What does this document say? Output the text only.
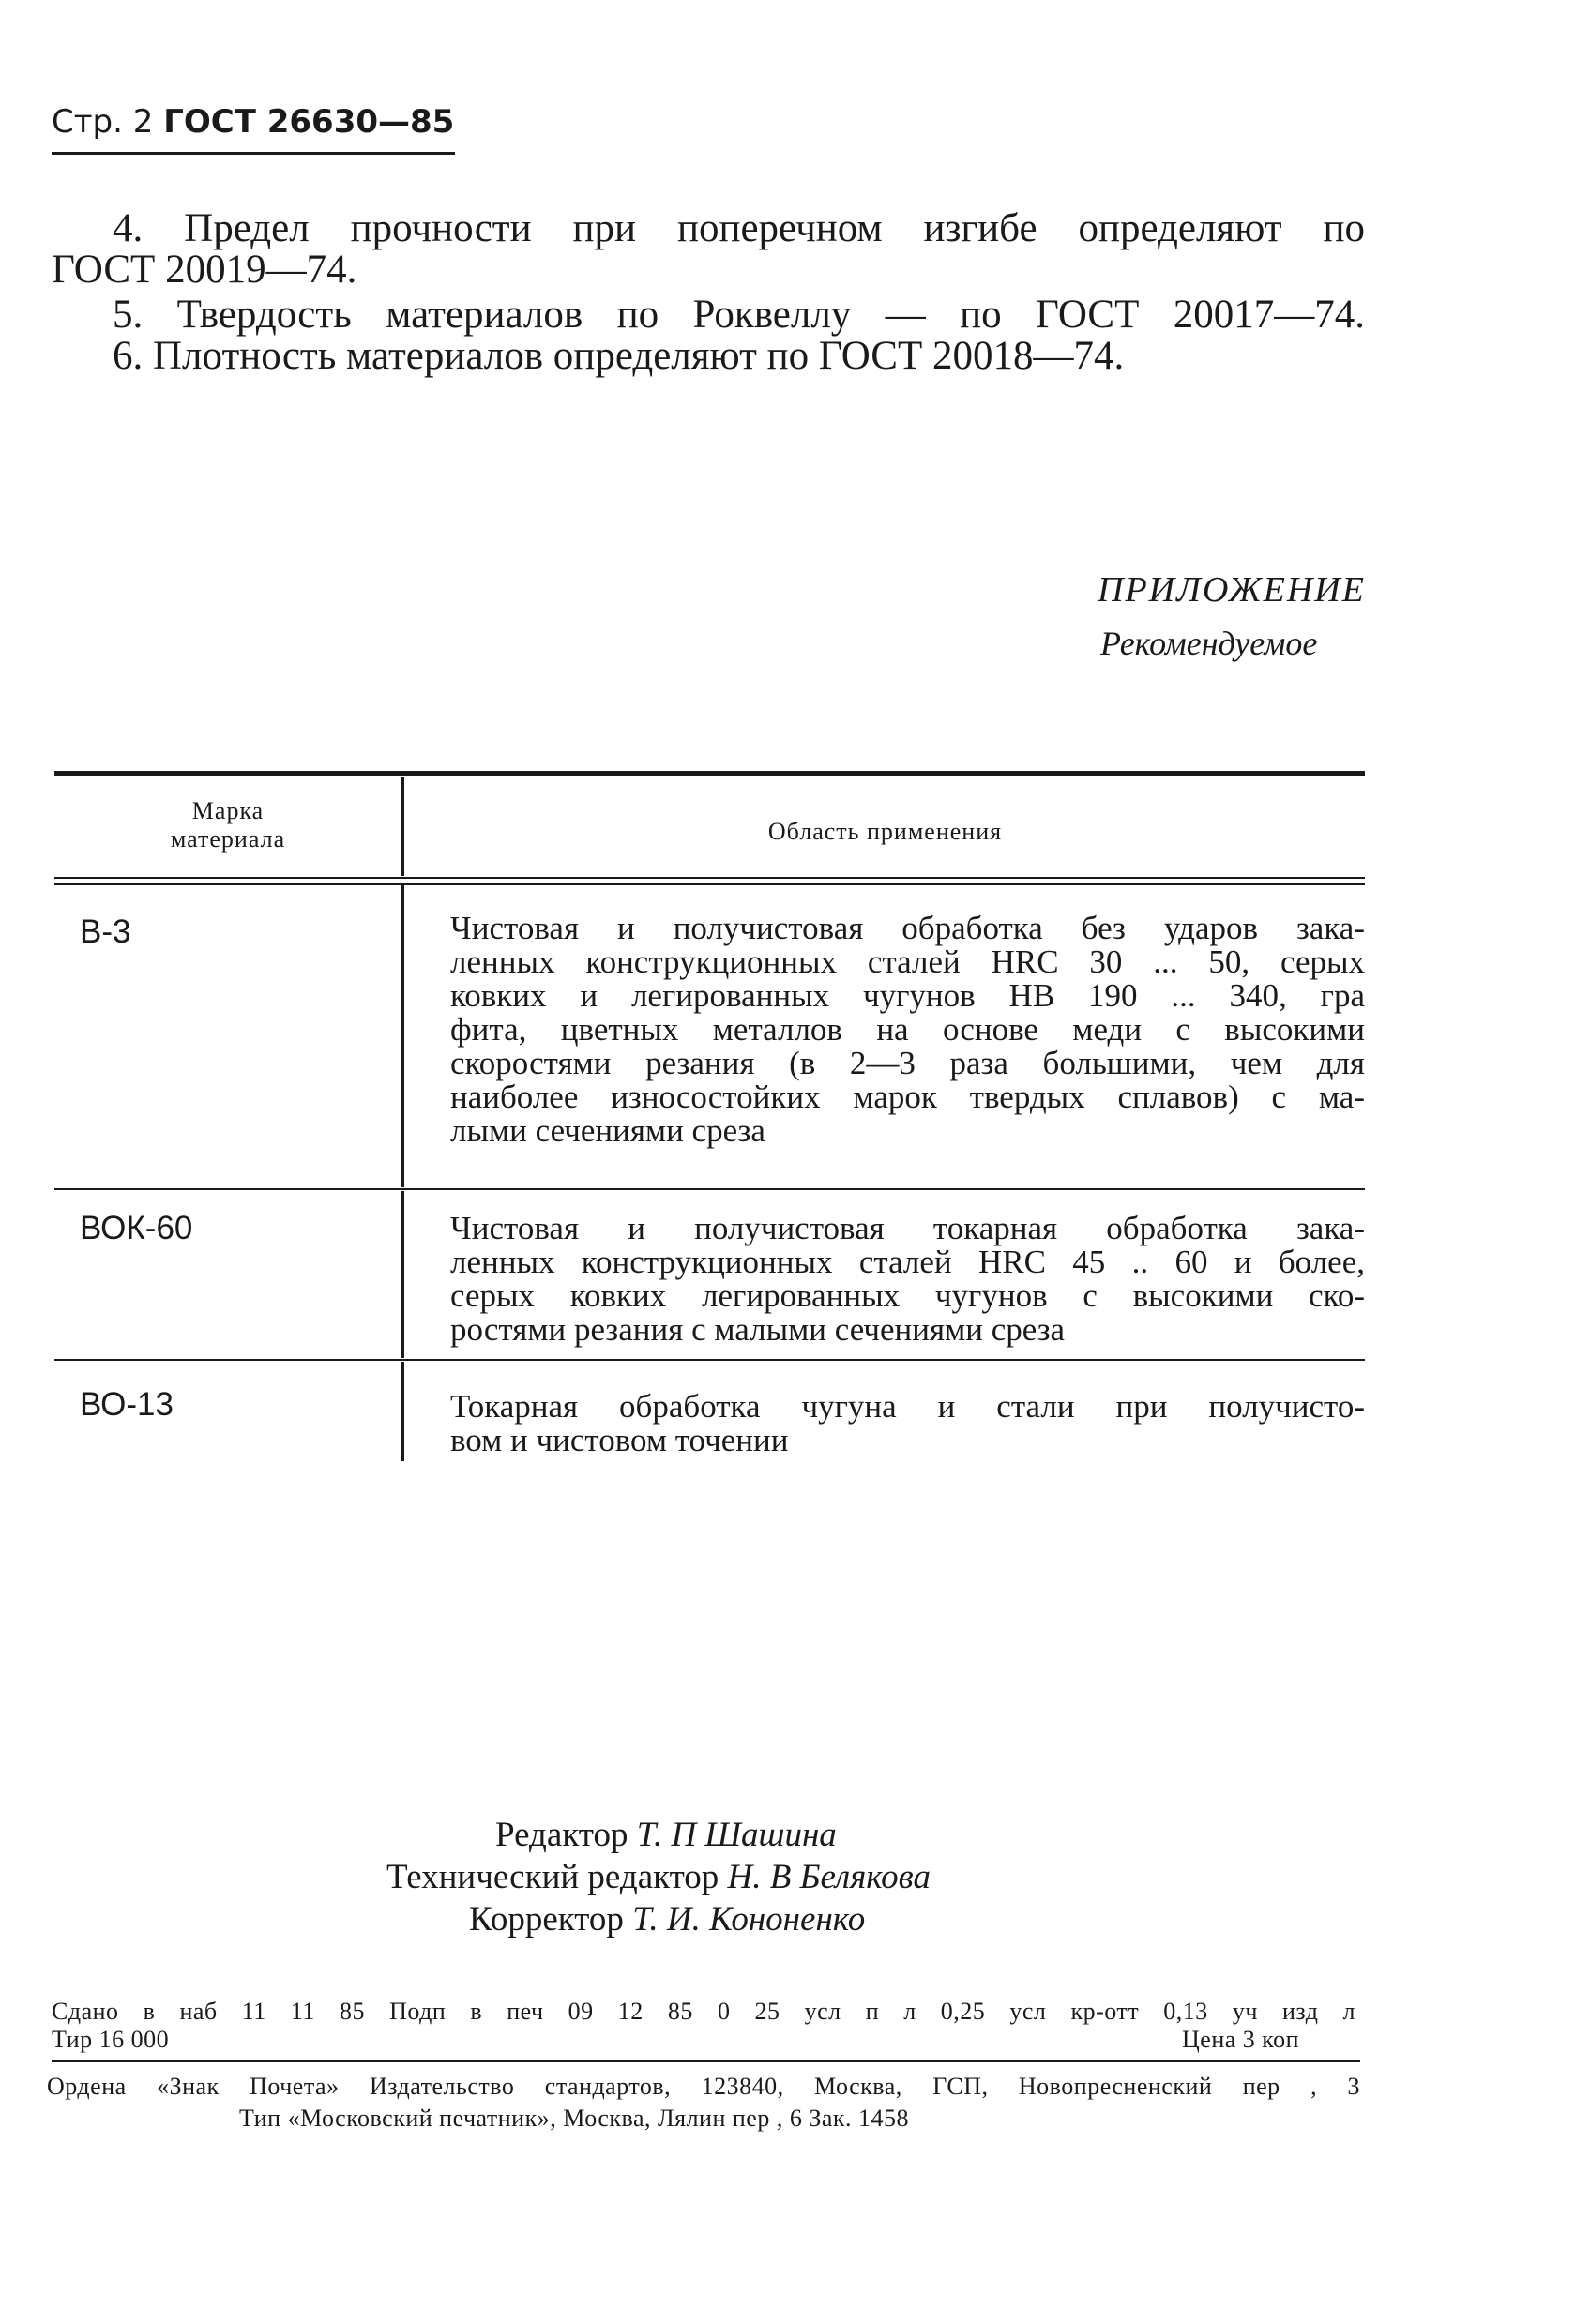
Стр. 2 ГОСТ 26630—85
4. Предел прочности при поперечном изгибе определяют по
ГОСТ 20019—74.
5. Твердость материалов по Роквеллу — по ГОСТ 20017—74.
6. Плотность материалов определяют по ГОСТ 20018—74.
ПРИЛОЖЕНИЕ
Рекомендуемое
Марка
материала	Область применения
В-3	Чистовая и получистовая обработка без ударов зака-
ленных конструкционных сталей HRC 30 ... 50, серых
ковких и легированных чугунов НВ 190 ... 340, гра
фита, цветных металлов на основе меди с высокими
скоростями резания (в 2—3 раза большими, чем для
наиболее износостойких марок твердых сплавов) с ма-
лыми сечениями среза
ВОК-60	Чистовая и получистовая токарная обработка зака-
ленных конструкционных сталей HRC 45 .. 60 и более,
серых ковких легированных чугунов с высокими ско-
ростями резания с малыми сечениями среза
ВО-13	Токарная обработка чугуна и стали при получисто-
вом и чистовом точении
Редактор Т. П Шашина
Технический редактор Н. В Белякова
Корректор Т. И. Кононенко
Сдано в наб 11 11 85 Подп в печ 09 12 85 0 25 усл п л 0,25 усл кр-отт 0,13 уч изд л
Тир 16 000	Цена 3 коп
Ордена «Знак Почета» Издательство стандартов, 123840, Москва, ГСП, Новопресненский пер , 3
Тип «Московский печатник», Москва, Лялин пер , 6 Зак. 1458
